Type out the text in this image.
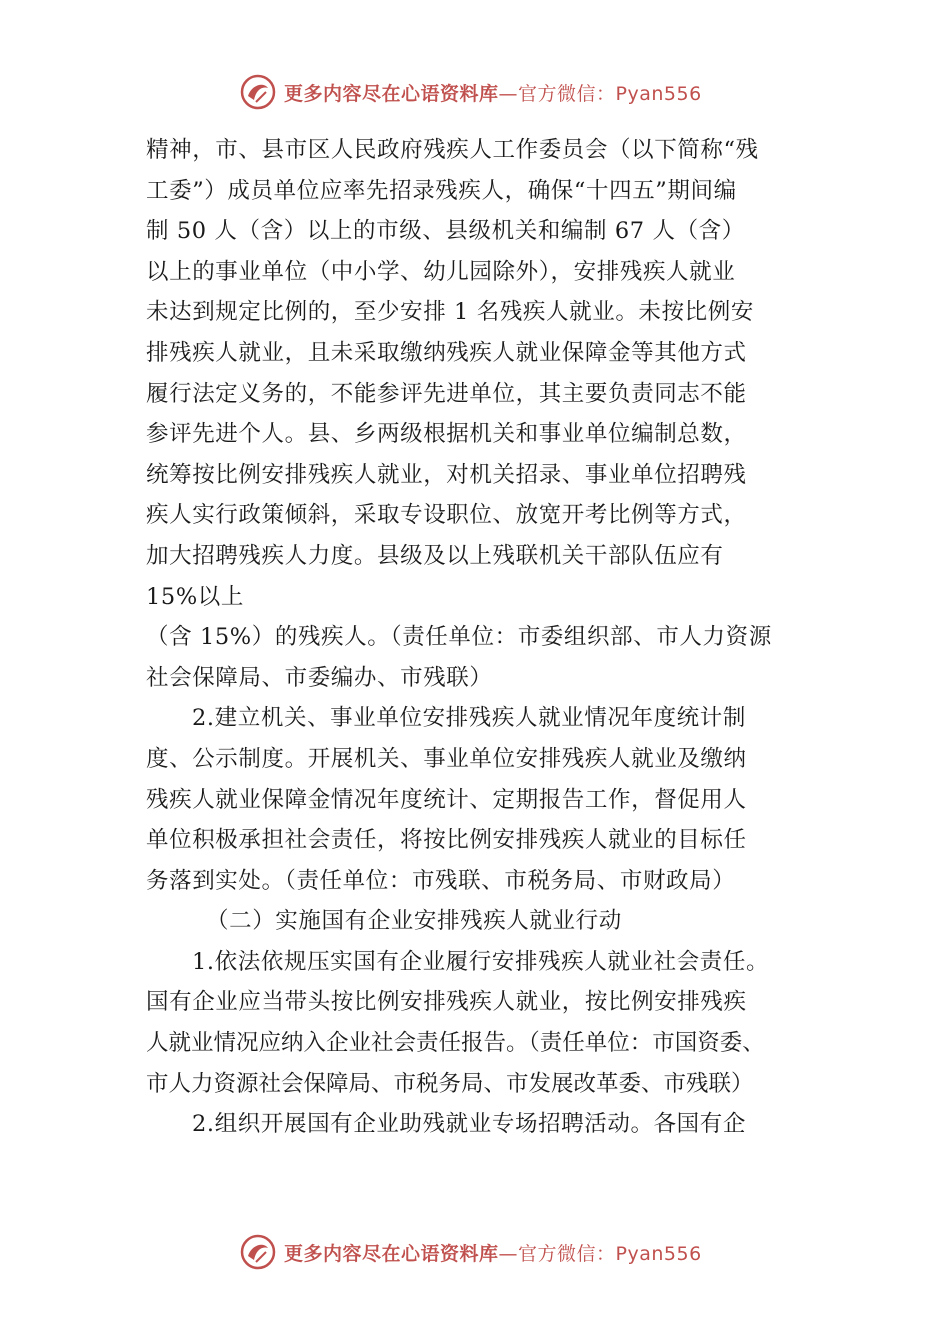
更多内容尽在心语资料库—官方微信：Pyan556
精神，市、县市区人民政府残疾人工作委员会（以下简称“残
工委”）成员单位应率先招录残疾人，确保“十四五”期间编
制 50 人（含）以上的市级、县级机关和编制 67 人（含）
以上的事业单位（中小学、幼儿园除外），安排残疾人就业
未达到规定比例的，至少安排 1 名残疾人就业。未按比例安
排残疾人就业，且未采取缴纳残疾人就业保障金等其他方式
履行法定义务的，不能参评先进单位，其主要负责同志不能
参评先进个人。县、乡两级根据机关和事业单位编制总数，
统筹按比例安排残疾人就业，对机关招录、事业单位招聘残
疾人实行政策倾斜，采取专设职位、放宽开考比例等方式，
加大招聘残疾人力度。县级及以上残联机关干部队伍应有
15%以上
（含 15%）的残疾人。（责任单位：市委组织部、市人力资源
社会保障局、市委编办、市残联）
2.建立机关、事业单位安排残疾人就业情况年度统计制
度、公示制度。开展机关、事业单位安排残疾人就业及缴纳
残疾人就业保障金情况年度统计、定期报告工作，督促用人
单位积极承担社会责任，将按比例安排残疾人就业的目标任
务落到实处。（责任单位：市残联、市税务局、市财政局）
（二）实施国有企业安排残疾人就业行动
1.依法依规压实国有企业履行安排残疾人就业社会责任。
国有企业应当带头按比例安排残疾人就业，按比例安排残疾
人就业情况应纳入企业社会责任报告。（责任单位：市国资委、
市人力资源社会保障局、市税务局、市发展改革委、市残联）
2.组织开展国有企业助残就业专场招聘活动。各国有企
更多内容尽在心语资料库—官方微信：Pyan556
